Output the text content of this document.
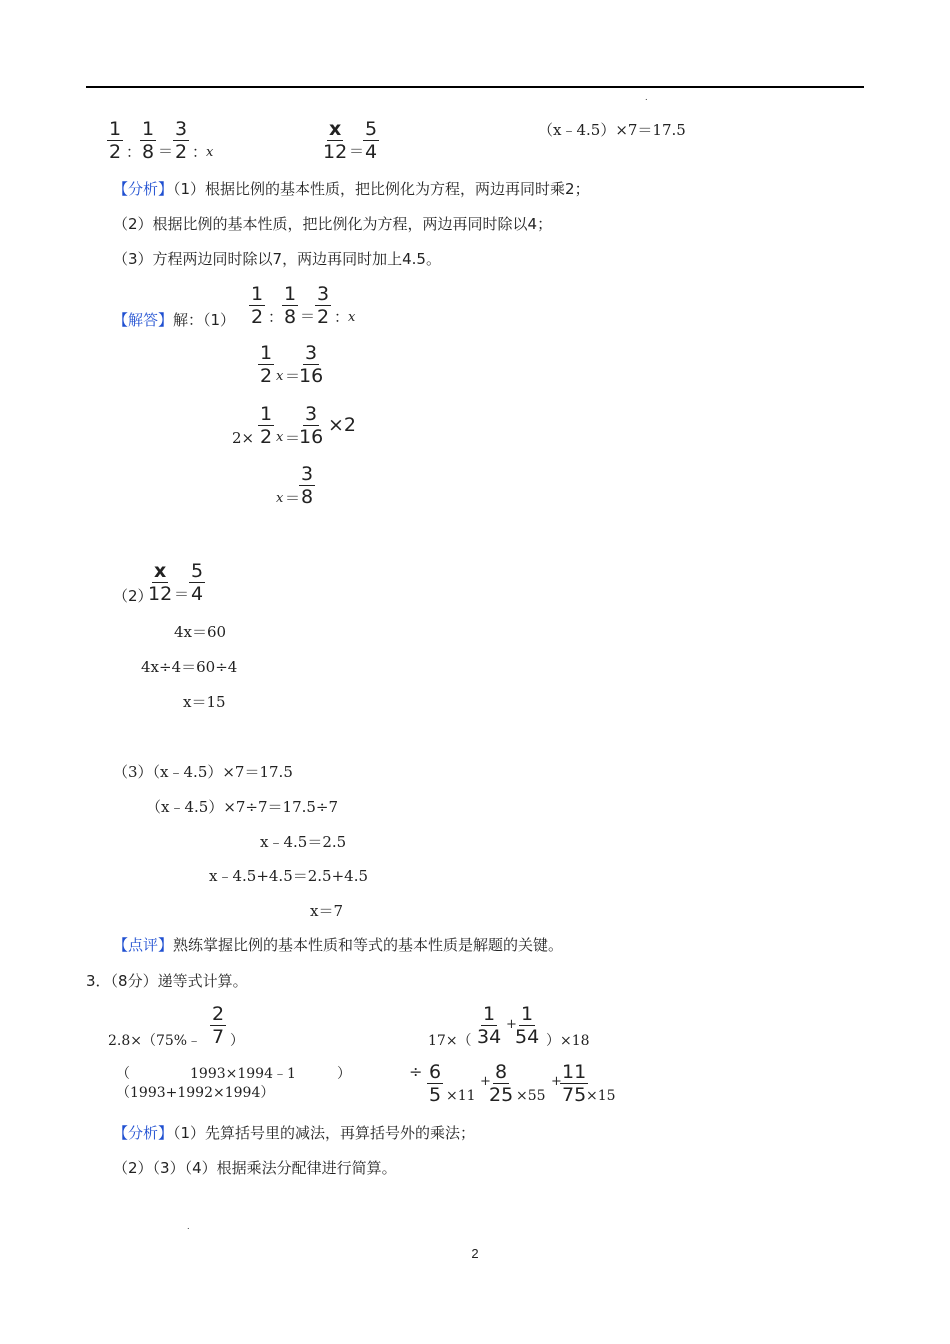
.
$\frac{1}{2}$ ：
$\frac{1}{8} = \frac{3}{2}$ ：
x	$\frac{x}{12}$ ＝
$\frac{5}{4}$	（x﹣4.5）×7＝17.5
【分析】（1）根据比例的基本性质，把比例化为方程，两边再同时乘2；
（2）根据比例的基本性质，把比例化为方程，两边再同时除以4；
（3）方程两边同时除以7，两边再同时加上4.5。
【解答】解：$(1) \frac{1}{2}$ ：
$\frac{1}{8} = \frac{3}{2}$ ：
x
$\frac{1}{2}$ x ＝
$\frac{3}{16}$
$2\times \frac{1}{2}$ x ＝
$\frac{3}{16} \times 2$
x ＝
$\frac{3}{8}$
（2）
$\frac{x}{12} = \frac{5}{4}$
4x＝60
4x÷4＝60÷4
x＝15
（3）（x﹣4.5）×7＝17.5
（x﹣4.5）×7÷7＝17.5÷7
x﹣4.5＝2.5
x﹣4.5+4.5＝2.5+4.5
x＝7
【点评】熟练掌握比例的基本性质和等式的基本性质是解题的关键。
3．（8分）递等式计算。
2.8×（75%﹣ $\frac{2}{7}$ ）	$17\times( \frac{1}{34}$ +
$\frac{1}{54} )\times 18$
（	1993×1994﹣1	）
（1993+1992×1994）
÷ $\frac{6}{5} \times 11$
+
$\frac{8}{25} \times 55$
+
$\frac{11}{75}$
×15
【分析】（1）先算括号里的减法，再算括号外的乘法；
（2）（3）（4）根据乘法分配律进行简算。
.
2
